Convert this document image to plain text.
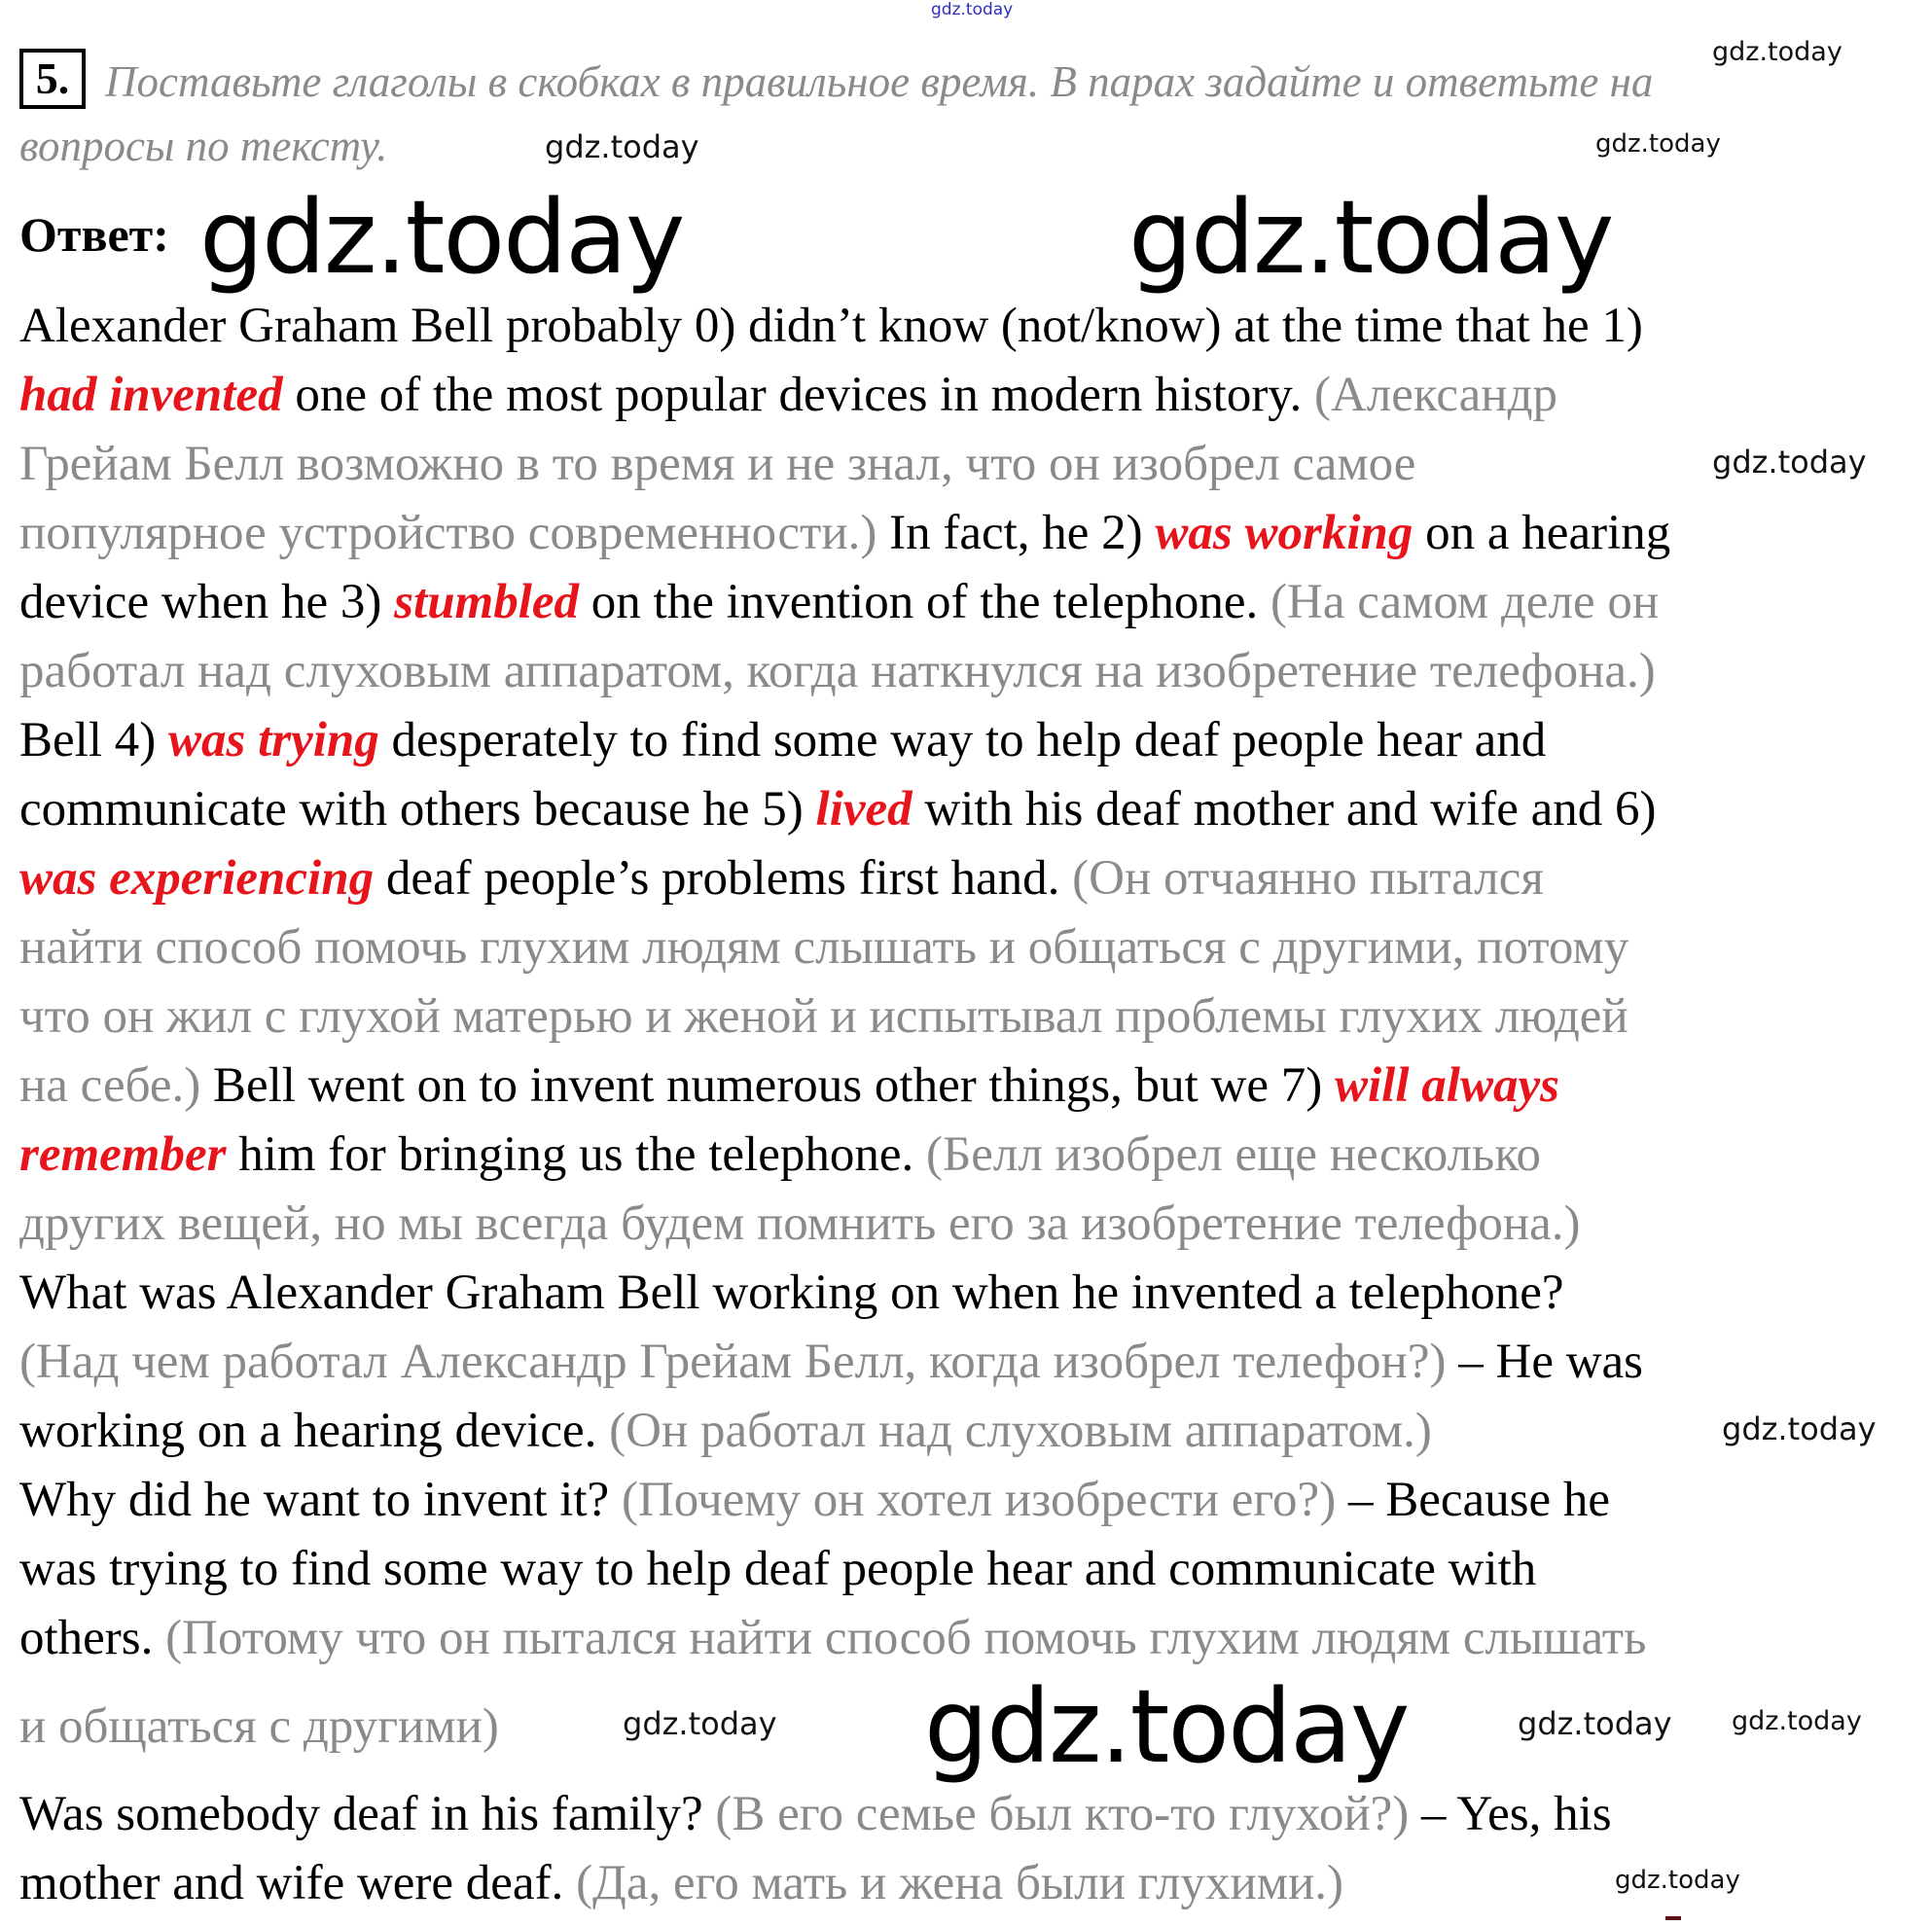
gdz.today
5. Поставьте глаголы в скобках в правильное время. В парах задайте и ответьте на
вопросы по тексту.
Ответ:
Alexander Graham Bell probably 0) didn’t know (not/know) at the time that he 1)
had invented one of the most popular devices in modern history. (Александр
Грейам Белл возможно в то время и не знал, что он изобрел самое
популярное устройство современности.) In fact, he 2) was working on a hearing
device when he 3) stumbled on the invention of the telephone. (На самом деле он
работал над слуховым аппаратом, когда наткнулся на изобретение телефона.)
Bell 4) was trying desperately to find some way to help deaf people hear and
communicate with others because he 5) lived with his deaf mother and wife and 6)
was experiencing deaf people’s problems first hand. (Он отчаянно пытался
найти способ помочь глухим людям слышать и общаться с другими, потому
что он жил с глухой матерью и женой и испытывал проблемы глухих людей
на себе.) Bell went on to invent numerous other things, but we 7) will always
remember him for bringing us the telephone. (Белл изобрел еще несколько
других вещей, но мы всегда будем помнить его за изобретение телефона.)
What was Alexander Graham Bell working on when he invented a telephone?
(Над чем работал Александр Грейам Белл, когда изобрел телефон?) – He was
working on a hearing device. (Он работал над слуховым аппаратом.)
Why did he want to invent it? (Почему он хотел изобрести его?) – Because he
was trying to find some way to help deaf people hear and communicate with
others. (Потому что он пытался найти способ помочь глухим людям слышать
и общаться с другими)
Was somebody deaf in his family? (В его семье был кто-то глухой?) – Yes, his
mother and wife were deaf. (Да, его мать и жена были глухими.)
gdz.today	gdz.today
gdz.today
gdz.today	gdz.today
gdz.today
gdz.today
gdz.today
gdz.today	gdz.today
gdz.today
gdz.today
